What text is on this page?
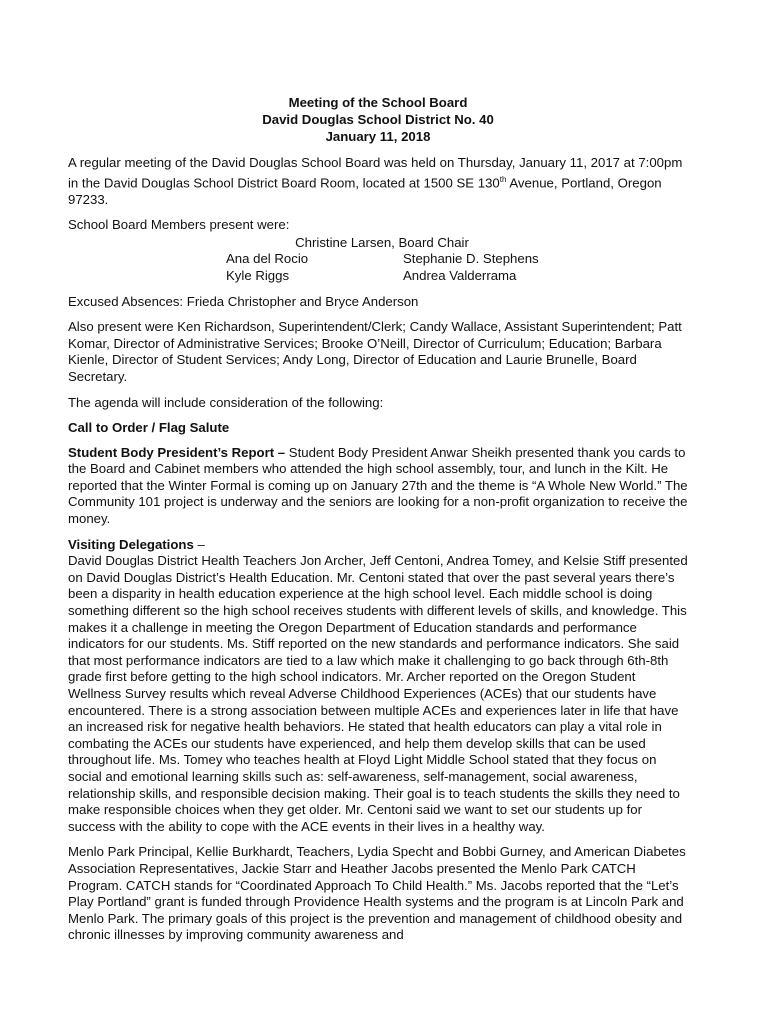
Meeting of the School Board
David Douglas School District No. 40
January 11, 2018

A regular meeting of the David Douglas School Board was held on Thursday, January 11, 2017 at 7:00pm in the David Douglas School District Board Room, located at 1500 SE 130th Avenue, Portland, Oregon 97233.

School Board Members present were:
Christine Larsen, Board Chair
Ana del Rocio	Stephanie D. Stephens
Kyle Riggs	Andrea Valderrama

Excused Absences: Frieda Christopher and Bryce Anderson

Also present were Ken Richardson, Superintendent/Clerk; Candy Wallace, Assistant Superintendent; Patt Komar, Director of Administrative Services; Brooke O’Neill, Director of Curriculum; Education; Barbara Kienle, Director of Student Services; Andy Long, Director of Education and Laurie Brunelle, Board Secretary.

The agenda will include consideration of the following:

Call to Order / Flag Salute

Student Body President’s Report – Student Body President Anwar Sheikh presented thank you cards to the Board and Cabinet members who attended the high school assembly, tour, and lunch in the Kilt. He reported that the Winter Formal is coming up on January 27th and the theme is “A Whole New World.” The Community 101 project is underway and the seniors are looking for a non-profit organization to receive the money.

Visiting Delegations –

David Douglas District Health Teachers Jon Archer, Jeff Centoni, Andrea Tomey, and Kelsie Stiff presented on David Douglas District’s Health Education. Mr. Centoni stated that over the past several years there’s been a disparity in health education experience at the high school level. Each middle school is doing something different so the high school receives students with different levels of skills, and knowledge. This makes it a challenge in meeting the Oregon Department of Education standards and performance indicators for our students. Ms. Stiff reported on the new standards and performance indicators. She said that most performance indicators are tied to a law which make it challenging to go back through 6th-8th grade first before getting to the high school indicators. Mr. Archer reported on the Oregon Student Wellness Survey results which reveal Adverse Childhood Experiences (ACEs) that our students have encountered. There is a strong association between multiple ACEs and experiences later in life that have an increased risk for negative health behaviors. He stated that health educators can play a vital role in combating the ACEs our students have experienced, and help them develop skills that can be used throughout life. Ms. Tomey who teaches health at Floyd Light Middle School stated that they focus on social and emotional learning skills such as: self-awareness, self-management, social awareness, relationship skills, and responsible decision making. Their goal is to teach students the skills they need to make responsible choices when they get older. Mr. Centoni said we want to set our students up for success with the ability to cope with the ACE events in their lives in a healthy way.

Menlo Park Principal, Kellie Burkhardt, Teachers, Lydia Specht and Bobbi Gurney, and American Diabetes Association Representatives, Jackie Starr and Heather Jacobs presented the Menlo Park CATCH Program. CATCH stands for “Coordinated Approach To Child Health.” Ms. Jacobs reported that the “Let’s Play Portland” grant is funded through Providence Health systems and the program is at Lincoln Park and Menlo Park. The primary goals of this project is the prevention and management of childhood obesity and chronic illnesses by improving community awareness and
